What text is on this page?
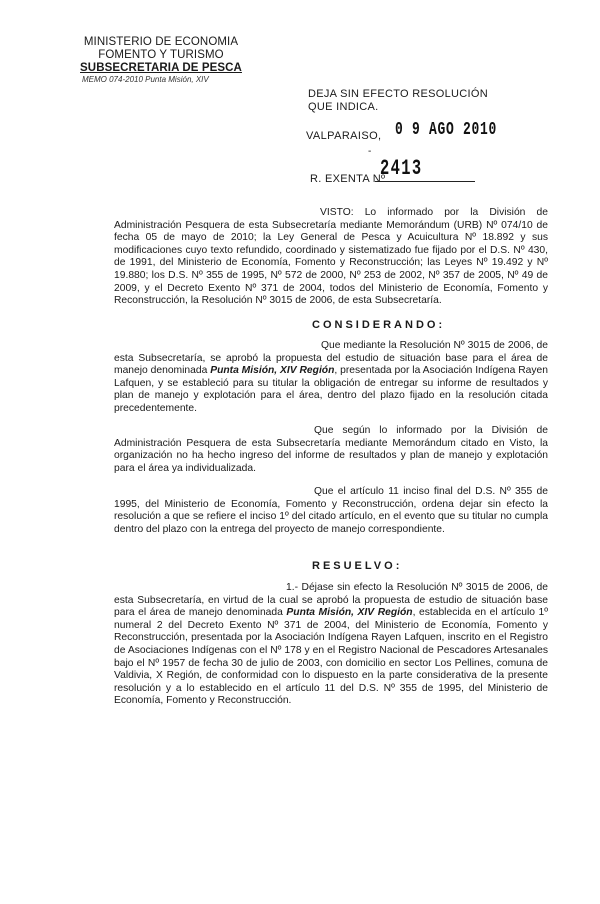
MINISTERIO DE ECONOMIA
FOMENTO Y TURISMO
SUBSECRETARIA DE PESCA
MEMO 074-2010 Punta Misión, XIV
DEJA SIN EFECTO RESOLUCIÓN QUE INDICA.
VALPARAISO, 0 9 AGO 2010
-
R. EXENTA Nº
2413
VISTO: Lo informado por la División de Administración Pesquera de esta Subsecretaría mediante Memorándum (URB) Nº 074/10 de fecha 05 de mayo de 2010; la Ley General de Pesca y Acuicultura Nº 18.892 y sus modificaciones cuyo texto refundido, coordinado y sistematizado fue fijado por el D.S. Nº 430, de 1991, del Ministerio de Economía, Fomento y Reconstrucción; las Leyes Nº 19.492 y Nº 19.880; los D.S. Nº 355 de 1995, Nº 572 de 2000, Nº 253 de 2002, Nº 357 de 2005, Nº 49 de 2009, y el Decreto Exento Nº 371 de 2004, todos del Ministerio de Economía, Fomento y Reconstrucción, la Resolución Nº 3015 de 2006, de esta Subsecretaría.
CONSIDERANDO:
Que mediante la Resolución Nº 3015 de 2006, de esta Subsecretaría, se aprobó la propuesta del estudio de situación base para el área de manejo denominada Punta Misión, XIV Región, presentada por la Asociación Indígena Rayen Lafquen, y se estableció para su titular la obligación de entregar su informe de resultados y plan de manejo y explotación para el área, dentro del plazo fijado en la resolución citada precedentemente.
Que según lo informado por la División de Administración Pesquera de esta Subsecretaría mediante Memorándum citado en Visto, la organización no ha hecho ingreso del informe de resultados y plan de manejo y explotación para el área ya individualizada.
Que el artículo 11 inciso final del D.S. Nº 355 de 1995, del Ministerio de Economía, Fomento y Reconstrucción, ordena dejar sin efecto la resolución a que se refiere el inciso 1º del citado artículo, en el evento que su titular no cumpla dentro del plazo con la entrega del proyecto de manejo correspondiente.
RESUELVO:
1.- Déjase sin efecto la Resolución Nº 3015 de 2006, de esta Subsecretaría, en virtud de la cual se aprobó la propuesta de estudio de situación base para el área de manejo denominada Punta Misión, XIV Región, establecida en el artículo 1º numeral 2 del Decreto Exento Nº 371 de 2004, del Ministerio de Economía, Fomento y Reconstrucción, presentada por la Asociación Indígena Rayen Lafquen, inscrito en el Registro de Asociaciones Indígenas con el Nº 178 y en el Registro Nacional de Pescadores Artesanales bajo el Nº 1957 de fecha 30 de julio de 2003, con domicilio en sector Los Pellines, comuna de Valdivia, X Región, de conformidad con lo dispuesto en la parte considerativa de la presente resolución y a lo establecido en el artículo 11 del D.S. Nº 355 de 1995, del Ministerio de Economía, Fomento y Reconstrucción.
